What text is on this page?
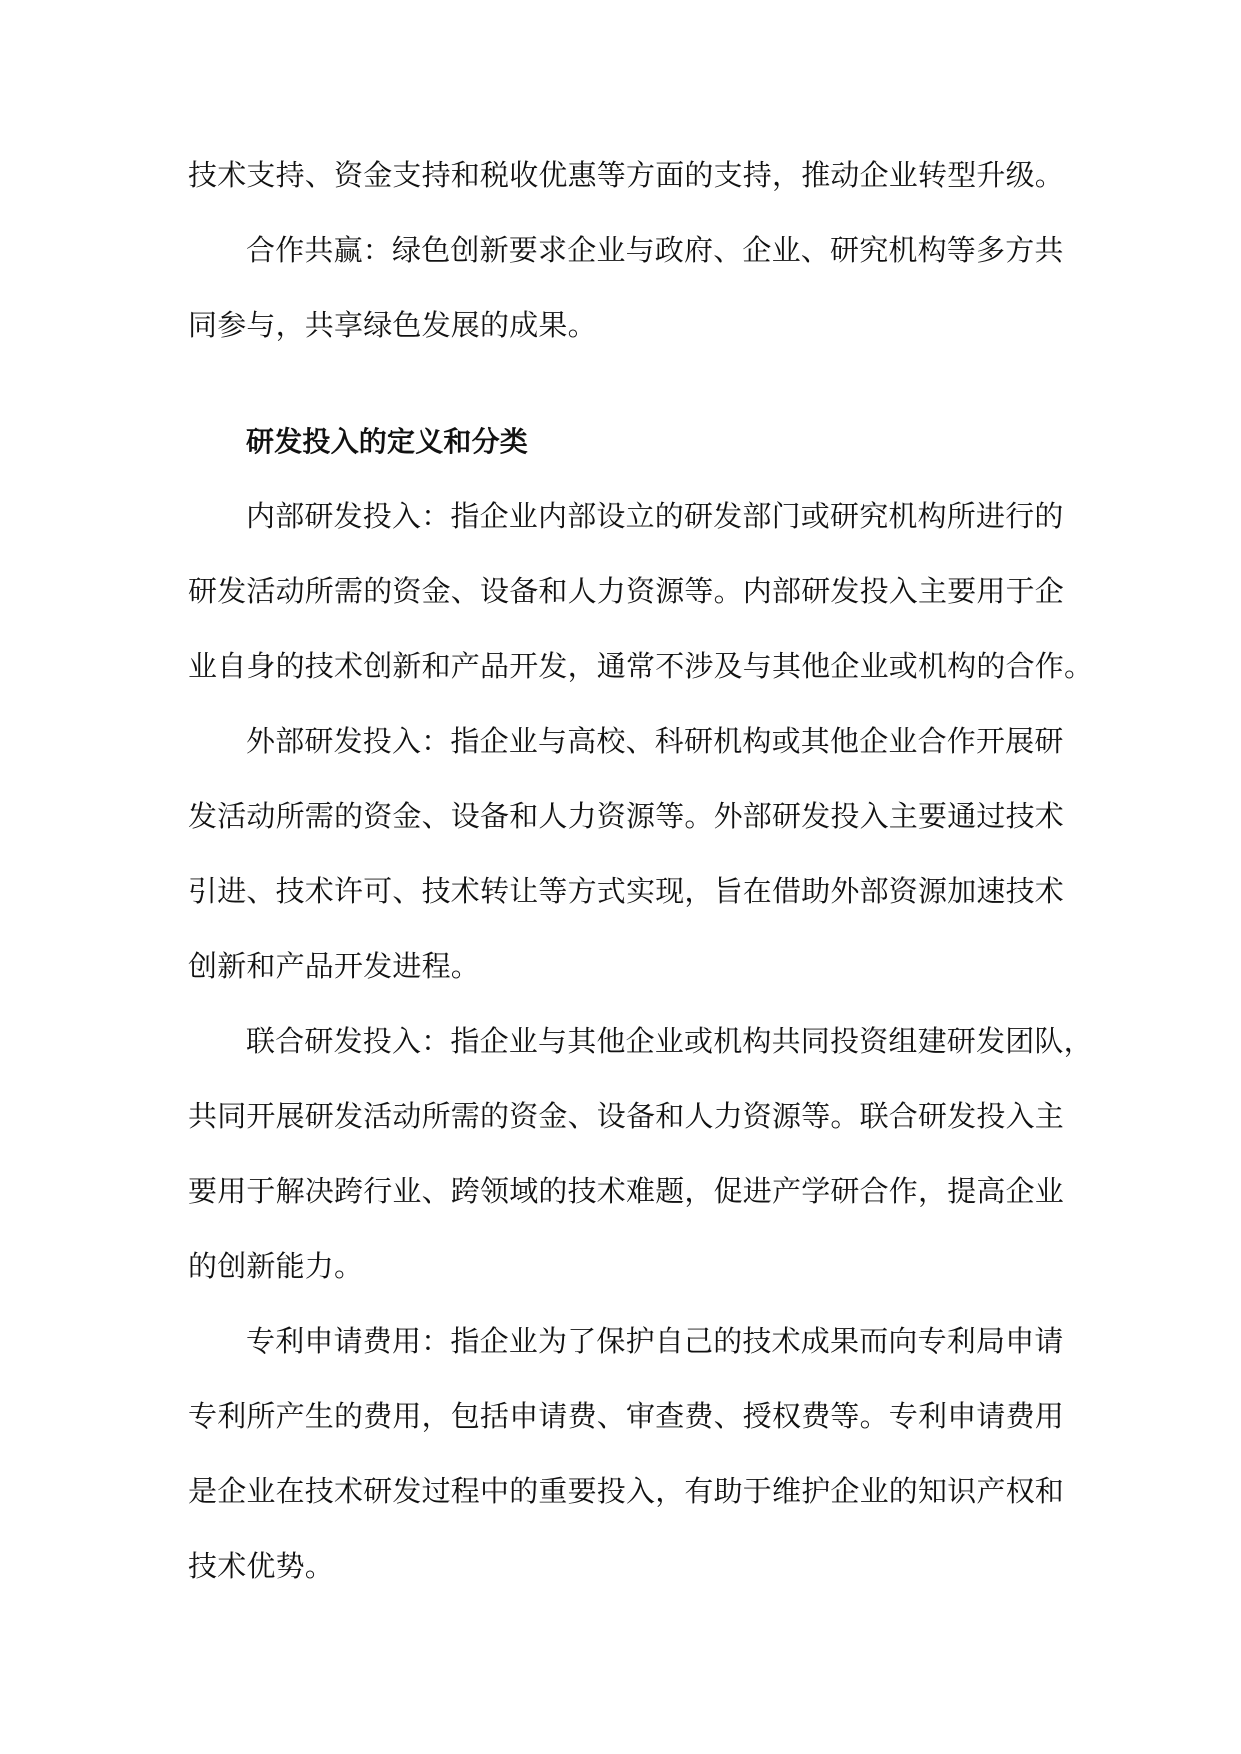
技术支持、资金支持和税收优惠等方面的支持，推动企业转型升级。
合作共赢：绿色创新要求企业与政府、企业、研究机构等多方共
同参与，共享绿色发展的成果。
研发投入的定义和分类
内部研发投入：指企业内部设立的研发部门或研究机构所进行的
研发活动所需的资金、设备和人力资源等。内部研发投入主要用于企
业自身的技术创新和产品开发，通常不涉及与其他企业或机构的合作。
外部研发投入：指企业与高校、科研机构或其他企业合作开展研
发活动所需的资金、设备和人力资源等。外部研发投入主要通过技术
引进、技术许可、技术转让等方式实现，旨在借助外部资源加速技术
创新和产品开发进程。
联合研发投入：指企业与其他企业或机构共同投资组建研发团队，
共同开展研发活动所需的资金、设备和人力资源等。联合研发投入主
要用于解决跨行业、跨领域的技术难题，促进产学研合作，提高企业
的创新能力。
专利申请费用：指企业为了保护自己的技术成果而向专利局申请
专利所产生的费用，包括申请费、审查费、授权费等。专利申请费用
是企业在技术研发过程中的重要投入，有助于维护企业的知识产权和
技术优势。
